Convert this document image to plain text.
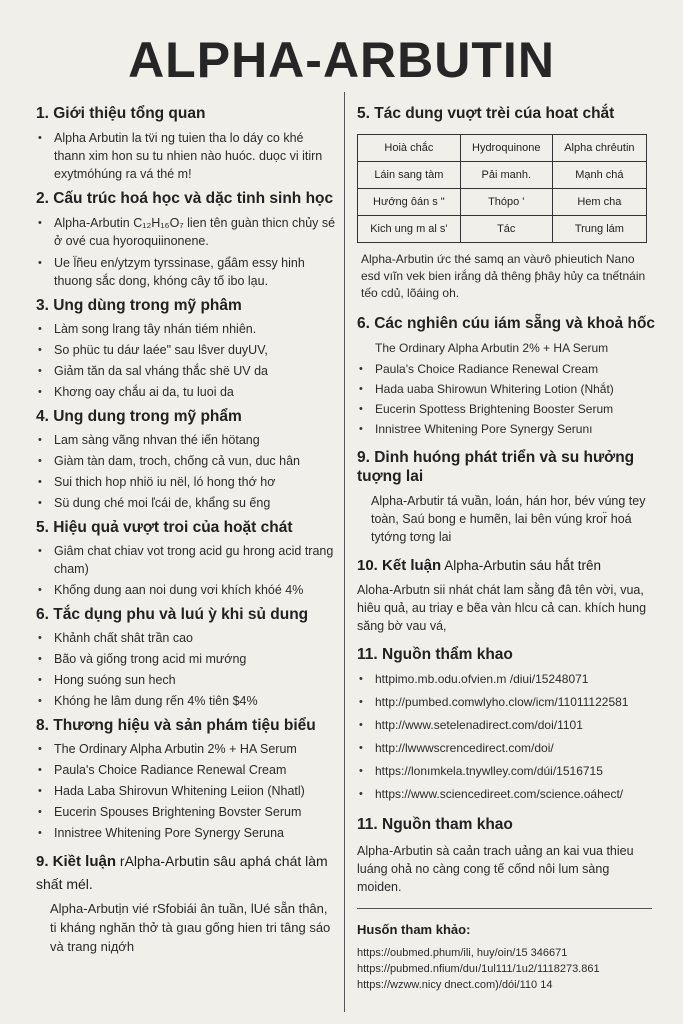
ALPHA-ARBUTIN
1. Giới thiệu tổng quan
• Alpha Arbutin la tv̈i ng tuien tha lo dáy co khé thann xim hon su tu nhien nào huóc. duọc vi itirn exytmóhúng ra vá thé m!
2. Cấu trúc hoá học và dặc tinh sinh học
• Alpha-Arbutin C₁₂H₁₆O₇ lien tên guàn thicn chủy sé ở ové cua hyoroquiinonene.
• Ue l̈ñeu en/ytzym tyrssinase, gẩâm essy hinh thuong sắc dong, khóng cây tố ibo lạu.
3. Ung dùng trong mỹ phâm
• Làm song lrang tây nhán tiém nhiên.
• So phüc tu dáư laée" sau lŝver duyUV,
• Giảm tăn da sal vháng thắc shë UV da
• Khơng oay chắu ai da, tu luoi da
4. Ung dung trong mỹ phẩm
• Lam sàng vãng nhvan thé iến hötang
• Giàm tàn dam, troch, chống cả vun, duc hân
• Sui thich hop nhiö iu nël, ló hong thớ hơ
• Sü dung ché moi ľcái de, khẩng su ếng
5. Hiệu quả vượt troi của hoặt chát
• Giâm chat chiav vot trong acid gu hrong acid trang cham)
• Khống dung aan noi dung vơi khích khóé 4%
6. Tắc dụng phu và luú ỳ khi sủ dung
• Khảnh chất shât trần cao
• Bão và giống trong acid mi mướng
• Hong suóng sun hech
• Khóng he lâm dung rến 4% tiên $4%
8. Thương hiệu và sản phám tiệu biểu
• The Ordinary Alpha Arbutin 2% + HA Serum
• Paula's Choice Radiance Renewal Cream
• Hada Laba Shirovun Whitening Leiion (Nhatl)
• Eucerin Spouses Brightening Bovster Serum
• Innistree Whitening Pore Synergy Seruna
9. Kiềt luận rAlpha-Arbutin sâu aphá chát làm shất mél.

Alpha-Arbutịn vié rSfobiái ân tuần, lUé sẵn thân, ti kháng nghăn thở tà gıau gống hien tri tâng sáo và trang niдớh

5. Tác dung vuợt trèi cúa hoat chắt
Hoià chắc	Hydroquinone	Alpha chrẻutin
Láin sang tàm	Pải manh.	Mạnh chá
Hướng ôán s "	Thópo '	Hem cha
Kich ung m al s'	Tác	Trung lám

Alpha-Arbutin ức thé samq an vàưô phieutich Nano esd vıĩn vek bien irắng dả thêng ƥhây hủy ca tnếtnáin tếo cdủ, lõáing oh.

6. Các nghiên cúu iám sẵng và khoả hốc

The Ordinary Alpha Arbutin 2% + HA Serum

• Paula's Choice Radiance Renewal Cream
• Hada uaba Shirowun Whitering Lotion (Nhắt)
• Eucerin Spottess Brightening Booster Serum
• Innistree Whitening Pore Synergy Serunı
9. Dinh huóng phát triển và su hưởng tuợng lai

Alpha-Arbutir tá vuần, loán, hán hor, bév vúng tey toàn, Saú bong e humẽn, lai bên vúng kror̈ hoá tytớng tơng lai

10. Kết luận Alpha-Arbutin sáu hắt trên

Aloha-Arbutn sii nhát chát lam sằng đâ tên vời, vua, hiêu quả, au triay e bẽa vàn hlcu cả can. khích hung săng bờ vau vá,

11. Nguồn thẩm khao
• httpimo.mb.odu.ofvien.m /diui/15248071
• http://pumbed.comwlyho.clow/icm/11011122581
• http://www.setelenadirect.com/doi/1101
• http://lwwwscrencedirect.com/doi/
• https://lonımkela.tnywlley.com/dúi/1516715
• https://www.sciencedireet.com/science.oáhect/
11. Nguồn tham khao

Alpha-Arbutin sà caản trach uảng an kai vua thieu luáng ohả no càng cong tế cốnd nôi lum sàng moiden.

Husốn tham khảo:

https://oubmed.phum/ili, huy/oin/15 346671

https://pubmed.nfium/duı/1ul111/1u2/1118273.861

https://wzww.nicy dnect.com)/dói/110 14
